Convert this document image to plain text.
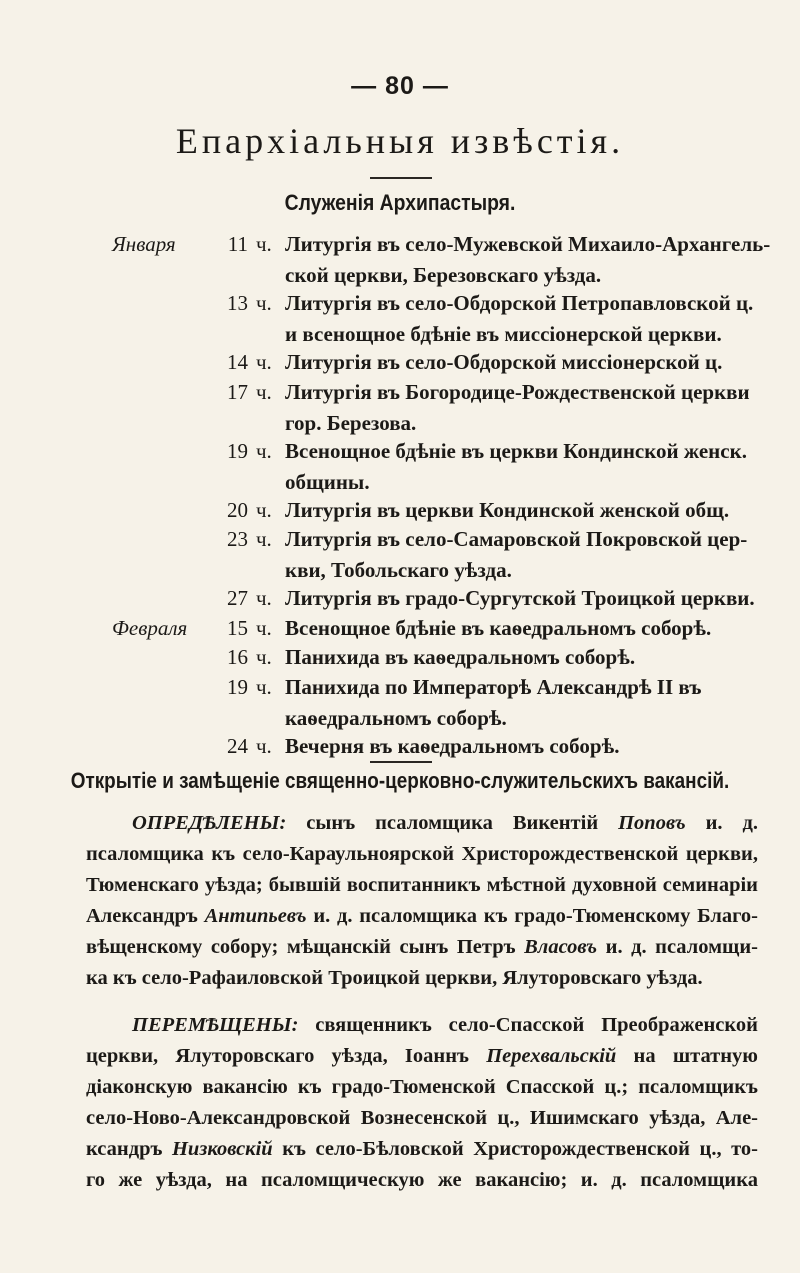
— 80 —
Епархіальныя извѣстія.
Служенія Архипастыря.
Января	11 ч. Литургія въ село-Мужевской Михаило-Архангель-
ской церкви, Березовскаго уѣзда.
13 ч. Литургія въ село-Обдорской Петропавловской ц.
и всенощное бдѣніе въ миссіонерской церкви.
14 ч. Литургія въ село-Обдорской миссіонерской ц.
17 ч. Литургія въ Богородице-Рождественской церкви
гор. Березова.
19 ч. Всенощное бдѣніе въ церкви Кондинской женск.
общины.
20 ч. Литургія въ церкви Кондинской женской общ.
23 ч. Литургія въ село-Самаровской Покровской цер-
кви, Тобольскаго уѣзда.
27 ч. Литургія въ градо-Сургутской Троицкой церкви.
Февраля	15 ч. Всенощное бдѣніе въ каѳедральномъ соборѣ.
16 ч. Панихида въ каѳедральномъ соборѣ.
19 ч. Панихида по Императорѣ Александрѣ II въ
каѳедральномъ соборѣ.
24 ч. Вечерня въ каѳедральномъ соборѣ.
Открытіе и замѣщеніе священно-церковно-служительскихъ вакансій.
ОПРЕДѢЛЕНЫ: сынъ псаломщика Викентій Поповъ и. д.
псаломщика къ село-Караульноярской Христорождественской церкви,
Тюменскаго уѣзда; бывшій воспитанникъ мѣстной духовной семинаріи
Александръ Антипьевъ и. д. псаломщика къ градо-Тюменскому Благо-
вѣщенскому собору; мѣщанскій сынъ Петръ Власовъ и. д. псаломщи-
ка къ село-Рафаиловской Троицкой церкви, Ялуторовскаго уѣзда.
ПЕРЕМѢЩЕНЫ: священникъ село-Спасской Преображенской
церкви, Ялуторовскаго уѣзда, Іоаннъ Перехвальскій на штатную
діаконскую вакансію къ градо-Тюменской Спасской ц.; псаломщикъ
село-Ново-Александровской Вознесенской ц., Ишимскаго уѣзда, Але-
ксандръ Низковскій къ село-Бѣловской Христорождественской ц., то-
го же уѣзда, на псаломщическую же вакансію; и. д. псаломщика
